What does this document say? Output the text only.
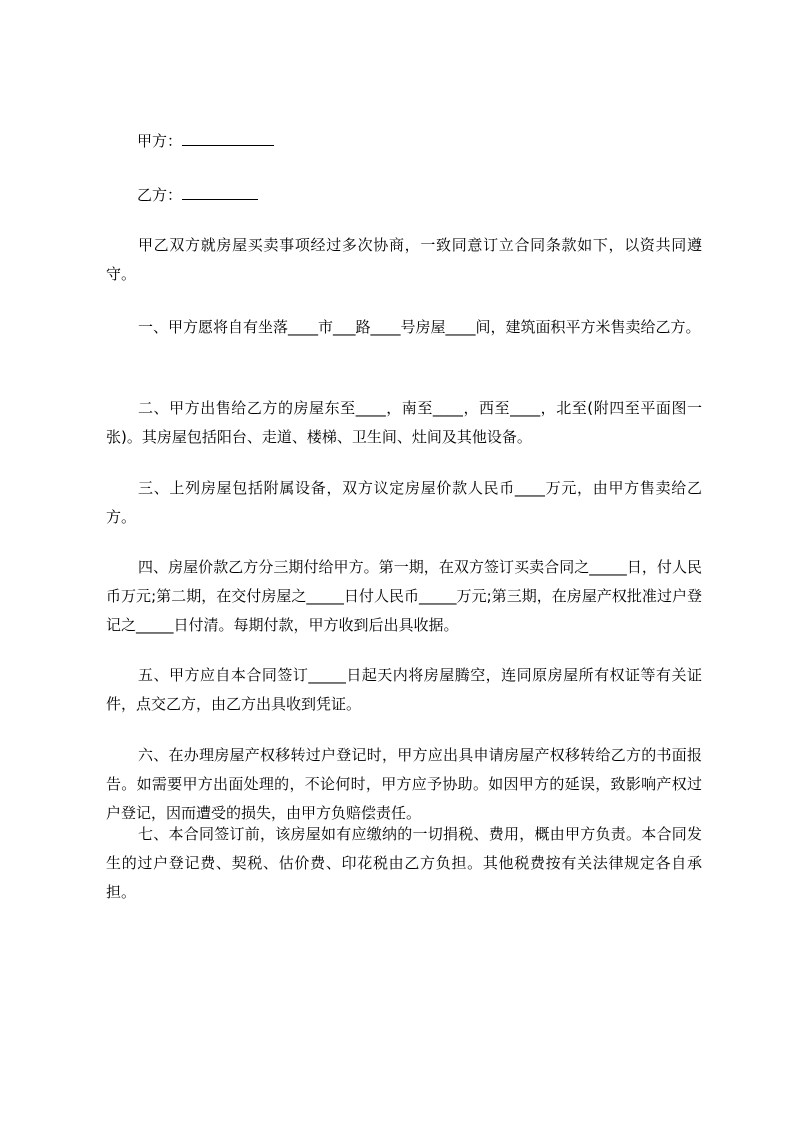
甲方：
乙方：

甲乙双方就房屋买卖事项经过多次协商，一致同意订立合同条款如下，以资共同遵守。

一、甲方愿将自有坐落____市___路____号房屋____间，建筑面积平方米售卖给乙方。

二、甲方出售给乙方的房屋东至____，南至____，西至____，北至(附四至平面图一张)。其房屋包括阳台、走道、楼梯、卫生间、灶间及其他设备。

三、上列房屋包括附属设备，双方议定房屋价款人民币____万元，由甲方售卖给乙方。

四、房屋价款乙方分三期付给甲方。第一期，在双方签订买卖合同之_____日，付人民币万元;第二期，在交付房屋之_____日付人民币_____万元;第三期，在房屋产权批准过户登记之_____日付清。每期付款，甲方收到后出具收据。

五、甲方应自本合同签订_____日起天内将房屋腾空，连同原房屋所有权证等有关证件，点交乙方，由乙方出具收到凭证。

六、在办理房屋产权移转过户登记时，甲方应出具申请房屋产权移转给乙方的书面报告。如需要甲方出面处理的，不论何时，甲方应予协助。如因甲方的延误，致影响产权过户登记，因而遭受的损失，由甲方负赔偿责任。

七、本合同签订前，该房屋如有应缴纳的一切捐税、费用，概由甲方负责。本合同发生的过户登记费、契税、估价费、印花税由乙方负担。其他税费按有关法律规定各自承担。
